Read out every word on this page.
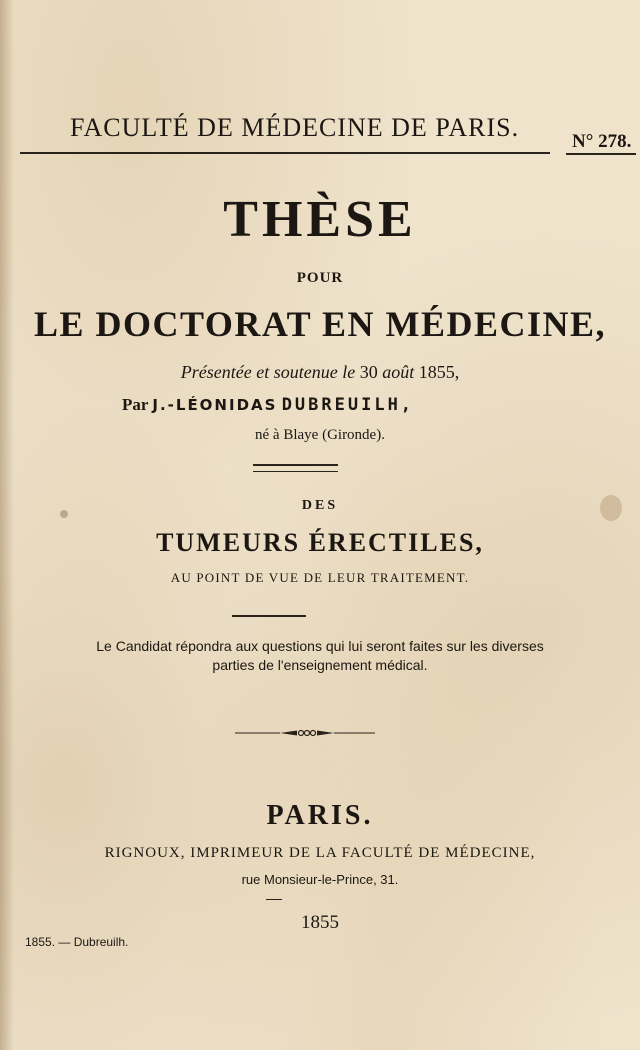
FACULTÉ DE MÉDECINE DE PARIS.	N° 278.
THÈSE
POUR
LE DOCTORAT EN MÉDECINE,
Présentée et soutenue le 30 août 1855,
Par J.-LÉONIDAS DUBREUILH,
né à Blaye (Gironde).
DES
TUMEURS ÉRECTILES,
AU POINT DE VUE DE LEUR TRAITEMENT.
Le Candidat répondra aux questions qui lui seront faites sur les diverses parties de l'enseignement médical.
PARIS.
RIGNOUX, IMPRIMEUR DE LA FACULTÉ DE MÉDECINE,
rue Monsieur-le-Prince, 31.
1855
1855. — Dubreuilh.
